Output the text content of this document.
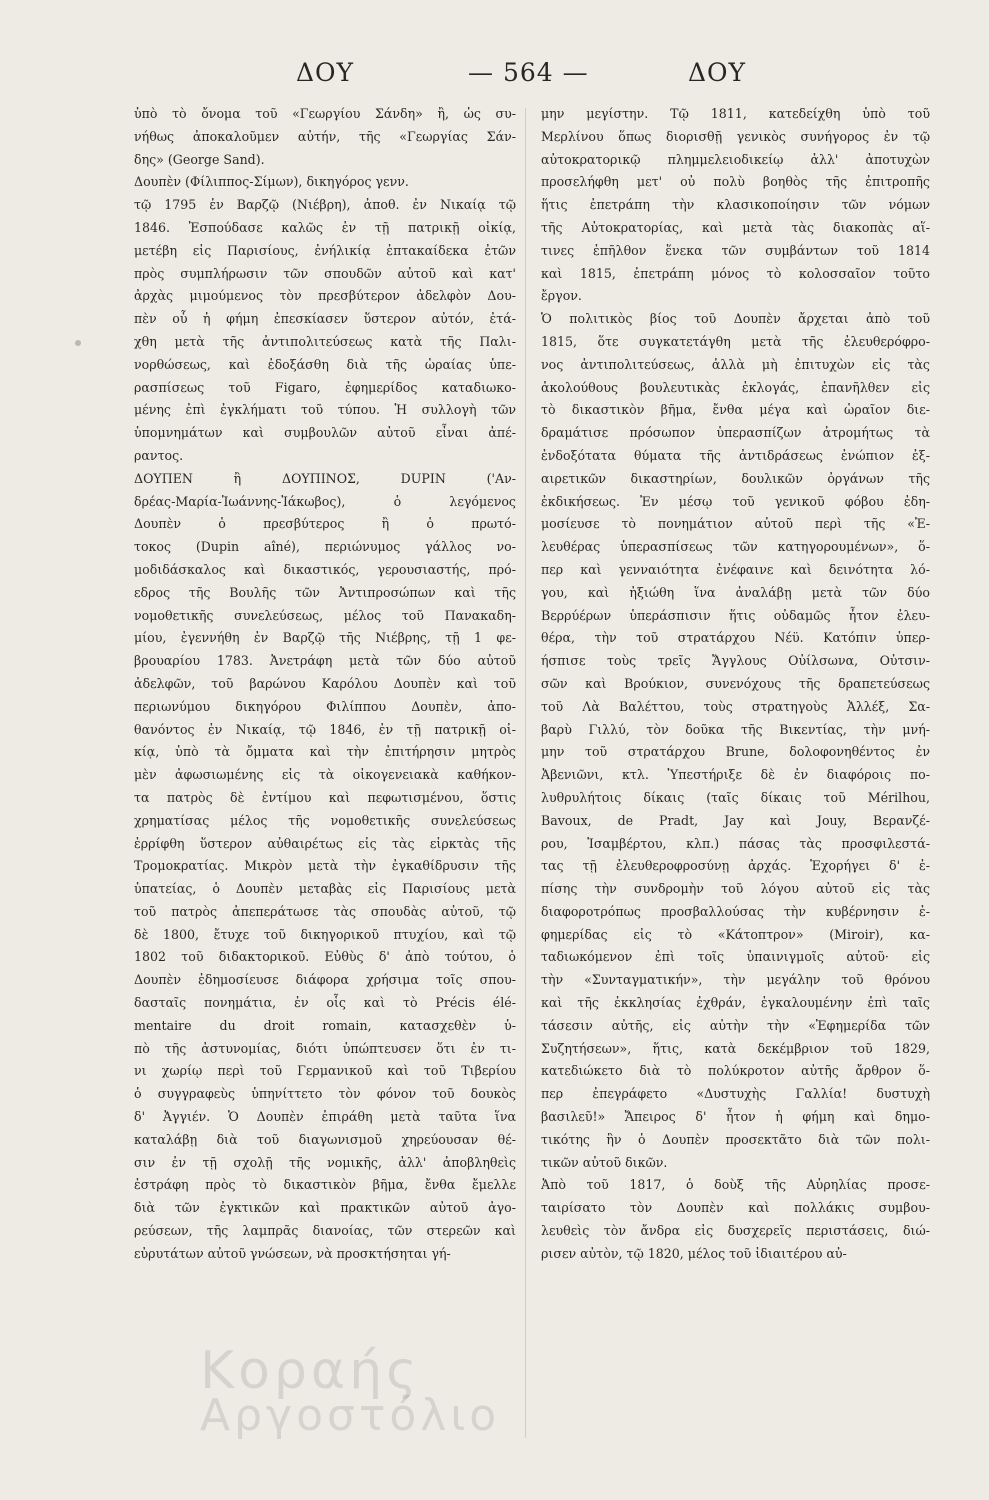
ΔΟΥ	— 564 —	ΔΟΥ
ὑπὸ τὸ ὄνομα τοῦ «Γεωργίου Σάνδη» ἢ, ὡς συ-
νήθως ἀποκαλοῦμεν αὐτήν, τῆς «Γεωργίας Σάν-
δης» (George Sand).
Δουπὲν (Φίλιππος-Σίμων), δικηγόρος γενν.
τῷ 1795 ἐν Βαρζῷ (Νιέβρη), ἀποθ. ἐν Νικαίᾳ τῷ
1846. Ἐσπούδασε καλῶς ἐν τῇ πατρικῇ οἰκίᾳ,
μετέβη εἰς Παρισίους, ἐνήλικίᾳ ἑπτακαίδεκα ἐτῶν
πρὸς συμπλήρωσιν τῶν σπουδῶν αὐτοῦ καὶ κατ'
ἀρχὰς μιμούμενος τὸν πρεσβύτερον ἀδελφὸν Δου-
πὲν οὗ ἡ φήμη ἐπεσκίασεν ὕστερον αὐτόν, ἐτά-
χθη μετὰ τῆς ἀντιπολιτεύσεως κατὰ τῆς Παλι-
νορθώσεως, καὶ ἐδοξάσθη διὰ τῆς ὡραίας ὑπε-
ρασπίσεως τοῦ Figaro, ἐφημερίδος καταδιωκο-
μένης ἐπὶ ἐγκλήματι τοῦ τύπου. Ἡ συλλογὴ τῶν
ὑπομνημάτων καὶ συμβουλῶν αὐτοῦ εἶναι ἀπέ-
ραντος.
ΔΟΥΠΕΝ ἢ ΔΟΥΠΙΝΟΣ, DUPIN ('Αν-
δρέας-Μαρία-Ἰωάννης-Ἰάκωβος), ὁ λεγόμενος
Δουπὲν ὁ πρεσβύτερος ἢ ὁ πρωτό-
τοκος (Dupin aîné), περιώνυμος γάλλος νο-
μοδιδάσκαλος καὶ δικαστικός, γερουσιαστής, πρό-
εδρος τῆς Βουλῆς τῶν Ἀντιπροσώπων καὶ τῆς
νομοθετικῆς συνελεύσεως, μέλος τοῦ Πανακαδη-
μίου, ἐγεννήθη ἐν Βαρζῷ τῆς Νιέβρης, τῇ 1 φε-
βρουαρίου 1783. Ἀνετράφη μετὰ τῶν δύο αὐτοῦ
ἀδελφῶν, τοῦ βαρώνου Καρόλου Δουπὲν καὶ τοῦ
περιωνύμου δικηγόρου Φιλίππου Δουπὲν, ἀπο-
θανόντος ἐν Νικαίᾳ, τῷ 1846, ἐν τῇ πατρικῇ οἰ-
κίᾳ, ὑπὸ τὰ ὄμματα καὶ τὴν ἐπιτήρησιν μητρὸς
μὲν ἀφωσιωμένης εἰς τὰ οἰκογενειακὰ καθήκον-
τα πατρὸς δὲ ἐντίμου καὶ πεφωτισμένου, ὅστις
χρηματίσας μέλος τῆς νομοθετικῆς συνελεύσεως
ἐρρίφθη ὕστερον αὐθαιρέτως εἰς τὰς εἱρκτὰς τῆς
Τρομοκρατίας. Μικρὸν μετὰ τὴν ἐγκαθίδρυσιν τῆς
ὑπατείας, ὁ Δουπὲν μεταβὰς εἰς Παρισίους μετὰ
τοῦ πατρὸς ἀπεπεράτωσε τὰς σπουδὰς αὐτοῦ, τῷ
δὲ 1800, ἔτυχε τοῦ δικηγορικοῦ πτυχίου, καὶ τῷ
1802 τοῦ διδακτορικοῦ. Εὐθὺς δ' ἀπὸ τούτου, ὁ
Δουπὲν ἐδημοσίευσε διάφορα χρήσιμα τοῖς σπου-
δασταῖς πονημάτια, ἐν οἷς καὶ τὸ Précis élé-
mentaire du droit romain, κατασχεθὲν ὑ-
πὸ τῆς ἀστυνομίας, διότι ὑπώπτευσεν ὅτι ἐν τι-
νι χωρίῳ περὶ τοῦ Γερμανικοῦ καὶ τοῦ Τιβερίου
ὁ συγγραφεὺς ὑπηνίττετο τὸν φόνον τοῦ δουκὸς
δ' Ἀγγιέν. Ὁ Δουπὲν ἐπιράθη μετὰ ταῦτα ἵνα
καταλάβῃ διὰ τοῦ διαγωνισμοῦ χηρεύουσαν θέ-
σιν ἐν τῇ σχολῇ τῆς νομικῆς, ἀλλ' ἀποβληθεὶς
ἐστράφη πρὸς τὸ δικαστικὸν βῆμα, ἔνθα ἔμελλε
διὰ τῶν ἐγκτικῶν καὶ πρακτικῶν αὐτοῦ ἀγο-
ρεύσεων, τῆς λαμπρᾶς διανοίας, τῶν στερεῶν καὶ
εὐρυτάτων αὐτοῦ γνώσεων, νὰ προσκτήσηται γή-
μην μεγίστην. Τῷ 1811, κατεδείχθη ὑπὸ τοῦ
Μερλίνου ὅπως διορισθῇ γενικὸς συνήγορος ἐν τῷ
αὐτοκρατορικῷ πλημμελειοδικείῳ ἀλλ' ἀποτυχὼν
προσελήφθη μετ' οὐ πολὺ βοηθὸς τῆς ἐπιτροπῆς
ἥτις ἐπετράπη τὴν κλασικοποίησιν τῶν νόμων
τῆς Αὐτοκρατορίας, καὶ μετὰ τὰς διακοπὰς αἵ-
τινες ἐπῆλθον ἕνεκα τῶν συμβάντων τοῦ 1814
καὶ 1815, ἐπετράπη μόνος τὸ κολοσσαῖον τοῦτο
ἔργον.
Ὁ πολιτικὸς βίος τοῦ Δουπὲν ἄρχεται ἀπὸ τοῦ
1815, ὅτε συγκατετάγθη μετὰ τῆς ἐλευθερόφρο-
νος ἀντιπολιτεύσεως, ἀλλὰ μὴ ἐπιτυχὼν εἰς τὰς
ἀκολούθους βουλευτικὰς ἐκλογάς, ἐπανῆλθεν εἰς
τὸ δικαστικὸν βῆμα, ἔνθα μέγα καὶ ὡραῖον διε-
δραμάτισε πρόσωπον ὑπερασπίζων ἀτρομήτως τὰ
ἐνδοξότατα θύματα τῆς ἀντιδράσεως ἐνώπιον ἐξ-
αιρετικῶν δικαστηρίων, δουλικῶν ὀργάνων τῆς
ἐκδικήσεως. Ἐν μέσῳ τοῦ γενικοῦ φόβου ἐδη-
μοσίευσε τὸ πονημάτιον αὐτοῦ περὶ τῆς «Ἐ-
λευθέρας ὑπερασπίσεως τῶν κατηγορουμένων», ὅ-
περ καὶ γενναιότητα ἐνέφαινε καὶ δεινότητα λό-
γου, καὶ ἠξιώθη ἵνα ἀναλάβῃ μετὰ τῶν δύο
Βερρύέρων ὑπεράσπισιν ἥτις οὐδαμῶς ἦτον ἐλευ-
θέρα, τὴν τοῦ στρατάρχου Νέϋ. Κατόπιν ὑπερ-
ήσπισε τοὺς τρεῖς Ἄγγλους Οὐίλσωνα, Οὐτσιν-
σῶν καὶ Βρούκιον, συνενόχους τῆς δραπετεύσεως
τοῦ Λὰ Βαλέττου, τοὺς στρατηγοὺς Ἀλλέξ, Σα-
βαρὺ Γιλλύ, τὸν δοῦκα τῆς Βικεντίας, τὴν μνή-
μην τοῦ στρατάρχου Brune, δολοφονηθέντος ἐν
Ἀβενιῶνι, κτλ. Ὑπεστήριξε δὲ ἐν διαφόροις πο-
λυθρυλήτοις δίκαις (ταῖς δίκαις τοῦ Mérilhou,
Bavoux, de Pradt, Jay καὶ Jouy, Βερανζέ-
ρου, Ἰσαμβέρτου, κλπ.) πάσας τὰς προσφιλεστά-
τας τῇ ἐλευθεροφροσύνῃ ἀρχάς. Ἐχορήγει δ' ἐ-
πίσης τὴν συνδρομὴν τοῦ λόγου αὐτοῦ εἰς τὰς
διαφοροτρόπως προσβαλλούσας τὴν κυβέρνησιν ἐ-
φημερίδας εἰς τὸ «Κάτοπτρον» (Miroir), κα-
ταδιωκόμενον ἐπὶ τοῖς ὑπαινιγμοῖς αὐτοῦ· εἰς
τὴν «Συνταγματικήν», τὴν μεγάλην τοῦ θρόνου
καὶ τῆς ἐκκλησίας ἐχθράν, ἐγκαλουμένην ἐπὶ ταῖς
τάσεσιν αὐτῆς, εἰς αὐτὴν τὴν «Ἐφημερίδα τῶν
Συζητήσεων», ἥτις, κατὰ δεκέμβριον τοῦ 1829,
κατεδιώκετο διὰ τὸ πολύκροτον αὐτῆς ἄρθρον ὅ-
περ ἐπεγράφετο «Δυστυχὴς Γαλλία! δυστυχὴ
βασιλεῦ!» Ἄπειρος δ' ἦτον ἡ φήμη καὶ δημο-
τικότης ἣν ὁ Δουπὲν προσεκτᾶτο διὰ τῶν πολι-
τικῶν αὐτοῦ δικῶν.
Ἀπὸ τοῦ 1817, ὁ δοὺξ τῆς Αὐρηλίας προσε-
ταιρίσατο τὸν Δουπὲν καὶ πολλάκις συμβου-
λευθεὶς τὸν ἄνδρα εἰς δυσχερεῖς περιστάσεις, διώ-
ρισεν αὐτὸν, τῷ 1820, μέλος τοῦ ἰδιαιτέρου αὐ-
Κοραής
Αργοστόλιο
